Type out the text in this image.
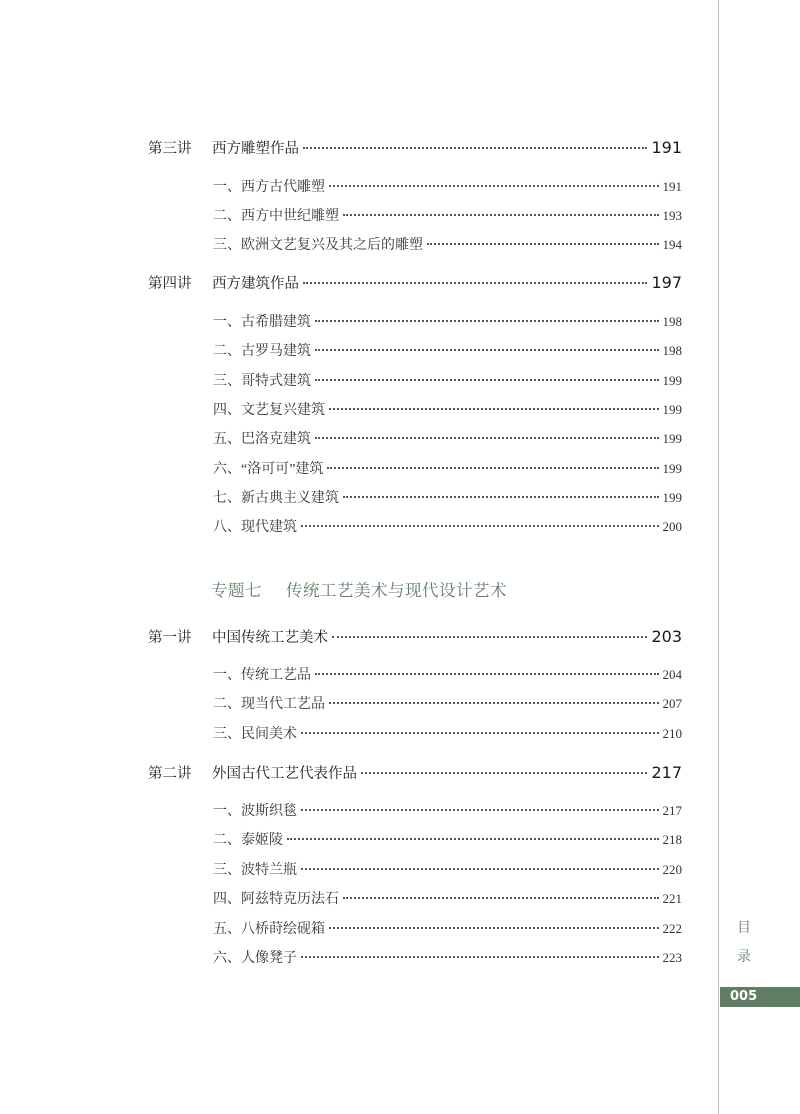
第三讲	西方雕塑作品	191
一、西方古代雕塑	191
二、西方中世纪雕塑	193
三、欧洲文艺复兴及其之后的雕塑	194
第四讲	西方建筑作品	197
一、古希腊建筑	198
二、古罗马建筑	198
三、哥特式建筑	199
四、文艺复兴建筑	199
五、巴洛克建筑	199
六、“洛可可”建筑	199
七、新古典主义建筑	199
八、现代建筑	200
专题七 传统工艺美术与现代设计艺术
第一讲	中国传统工艺美术	203
一、传统工艺品	204
二、现当代工艺品	207
三、民间美术	210
第二讲	外国古代工艺代表作品	217
一、波斯织毯	217
二、泰姬陵	218
三、波特兰瓶	220
四、阿兹特克历法石	221
五、八桥莳绘砚箱	222
六、人像凳子	223
目
录
005
